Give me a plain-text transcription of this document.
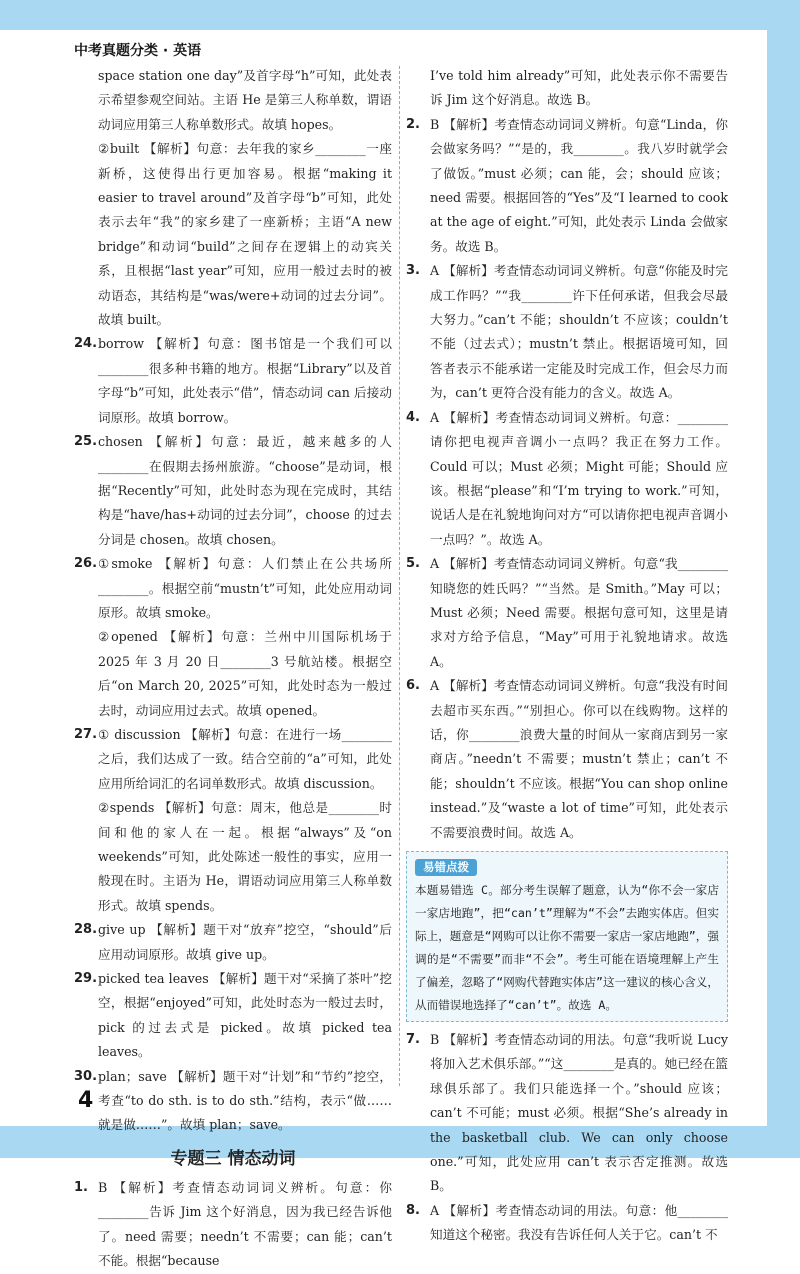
中考真题分类 · 英语

space station one day”及首字母“h”可知，此处表示希望参观空间站。主语 He 是第三人称单数，谓语动词应用第三人称单数形式。故填 hopes。

②built 【解析】句意：去年我的家乡________一座新桥，这使得出行更加容易。根据“making it easier to travel around”及首字母“b”可知，此处表示去年“我”的家乡建了一座新桥；主语“A new bridge”和动词“build”之间存在逻辑上的动宾关系，且根据“last year”可知，应用一般过去时的被动语态，其结构是“was/were+动词的过去分词”。故填 built。

24. borrow 【解析】句意：图书馆是一个我们可以________很多种书籍的地方。根据“Library”以及首字母“b”可知，此处表示“借”，情态动词 can 后接动词原形。故填 borrow。

25. chosen 【解析】句意：最近，越来越多的人________在假期去扬州旅游。“choose”是动词，根据“Recently”可知，此处时态为现在完成时，其结构是“have/has+动词的过去分词”，choose 的过去分词是 chosen。故填 chosen。

26. ①smoke 【解析】句意：人们禁止在公共场所________。根据空前“mustn’t”可知，此处应用动词原形。故填 smoke。

②opened 【解析】句意：兰州中川国际机场于 2025 年 3 月 20 日________3 号航站楼。根据空后“on March 20, 2025”可知，此处时态为一般过去时，动词应用过去式。故填 opened。

27. ① discussion 【解析】句意：在进行一场________之后，我们达成了一致。结合空前的“a”可知，此处应用所给词汇的名词单数形式。故填 discussion。

②spends 【解析】句意：周末，他总是________时间和他的家人在一起。根据“always”及“on weekends”可知，此处陈述一般性的事实，应用一般现在时。主语为 He，谓语动词应用第三人称单数形式。故填 spends。

28. give up 【解析】题干对“放弃”挖空，“should”后应用动词原形。故填 give up。

29. picked tea leaves 【解析】题干对“采摘了茶叶”挖空，根据“enjoyed”可知，此处时态为一般过去时，pick 的过去式是 picked。故填 picked tea leaves。

30. plan；save 【解析】题干对“计划”和“节约”挖空，考查“to do sth. is to do sth.”结构，表示“做……就是做……”。故填 plan；save。

专题三 情态动词
1. B 【解析】考查情态动词词义辨析。句意：你________告诉 Jim 这个好消息，因为我已经告诉他了。need 需要；needn’t 不需要；can 能；can’t 不能。根据“because

I’ve told him already”可知，此处表示你不需要告诉 Jim 这个好消息。故选 B。

2. B 【解析】考查情态动词词义辨析。句意“Linda，你会做家务吗？”“是的，我________。我八岁时就学会了做饭。”must 必须；can 能，会；should 应该；need 需要。根据回答的“Yes”及“I learned to cook at the age of eight.”可知，此处表示 Linda 会做家务。故选 B。

3. A 【解析】考查情态动词词义辨析。句意“你能及时完成工作吗？”“我________许下任何承诺，但我会尽最大努力。”can’t 不能；shouldn’t 不应该；couldn’t 不能（过去式）；mustn’t 禁止。根据语境可知，回答者表示不能承诺一定能及时完成工作，但会尽力而为，can’t 更符合没有能力的含义。故选 A。

4. A 【解析】考查情态动词词义辨析。句意：________请你把电视声音调小一点吗？我正在努力工作。Could 可以；Must 必须；Might 可能；Should 应该。根据“please”和“I’m trying to work.”可知，说话人是在礼貌地询问对方“可以请你把电视声音调小一点吗？”。故选 A。

5. A 【解析】考查情态动词词义辨析。句意“我________知晓您的姓氏吗？”“当然。是 Smith。”May 可以；Must 必须；Need 需要。根据句意可知，这里是请求对方给予信息，“May”可用于礼貌地请求。故选 A。

6. A 【解析】考查情态动词词义辨析。句意“我没有时间去超市买东西。”“别担心。你可以在线购物。这样的话，你________浪费大量的时间从一家商店到另一家商店。”needn’t 不需要；mustn’t 禁止；can’t 不能；shouldn’t 不应该。根据“You can shop online instead.”及“waste a lot of time”可知，此处表示不需要浪费时间。故选 A。

易错点拨

本题易错选 C。部分考生误解了题意，认为“你不会一家店一家店地跑”，把“can’t”理解为“不会”去跑实体店。但实际上，题意是“网购可以让你不需要一家店一家店地跑”，强调的是“不需要”而非“不会”。考生可能在语境理解上产生了偏差，忽略了“网购代替跑实体店”这一建议的核心含义，从而错误地选择了“can’t”。故选 A。

7. B 【解析】考查情态动词的用法。句意“我听说 Lucy 将加入艺术俱乐部。”“这________是真的。她已经在篮球俱乐部了。我们只能选择一个。”should 应该；can’t 不可能；must 必须。根据“She’s already in the basketball club. We can only choose one.”可知，此处应用 can’t 表示否定推测。故选 B。

8. A 【解析】考查情态动词的用法。句意：他________知道这个秘密。我没有告诉任何人关于它。can’t 不

4
